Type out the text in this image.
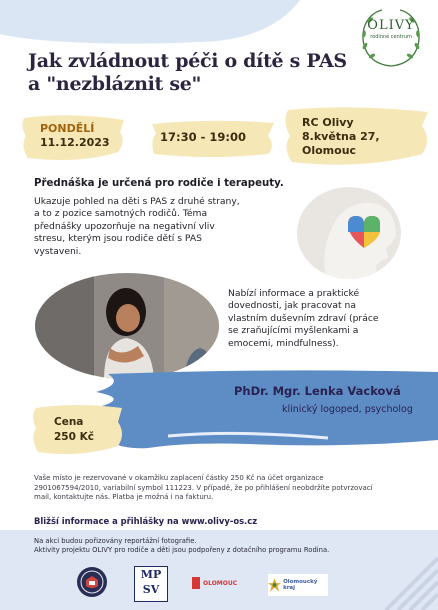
OLIVY
rodinné centrum
Jak zvládnout péči o dítě s PAS
a "nezbláznit se"
PONDĚLÍ
11.12.2023	17:30 - 19:00
RC Olivy
8.května 27,
Olomouc
Přednáška je určená pro rodiče i terapeuty.
Ukazuje pohled na děti s PAS z druhé strany,
a to z pozice samotných rodičů. Téma
přednášky upozorňuje na negativní vliv
stresu, kterým jsou rodiče dětí s PAS
vystaveni.
Nabízí informace a praktické
dovednosti, jak pracovat na
vlastním duševním zdraví (práce
se zraňujícími myšlenkami a
emocemi, mindfulness).
PhDr. Mgr. Lenka Vacková
klinický logoped, psycholog
Cena
250 Kč
Vaše místo je rezervované v okamžiku zaplacení částky 250 Kč na účet organizace
2901067594/2010, variabilní symbol 111223. V případě, že po přihlášení neobdržíte potvrzovací
mail, kontaktujte nás. Platba je možná i na fakturu.
Bližší informace a přihlášky na www.olivy-os.cz
Na akci budou pořizovány reportážní fotografie.
Aktivity projektu OLIVY pro rodiče a děti jsou podpořeny z dotačního programu Rodina.
MP
SV	OLOMOUC	Olomoucký kraj
